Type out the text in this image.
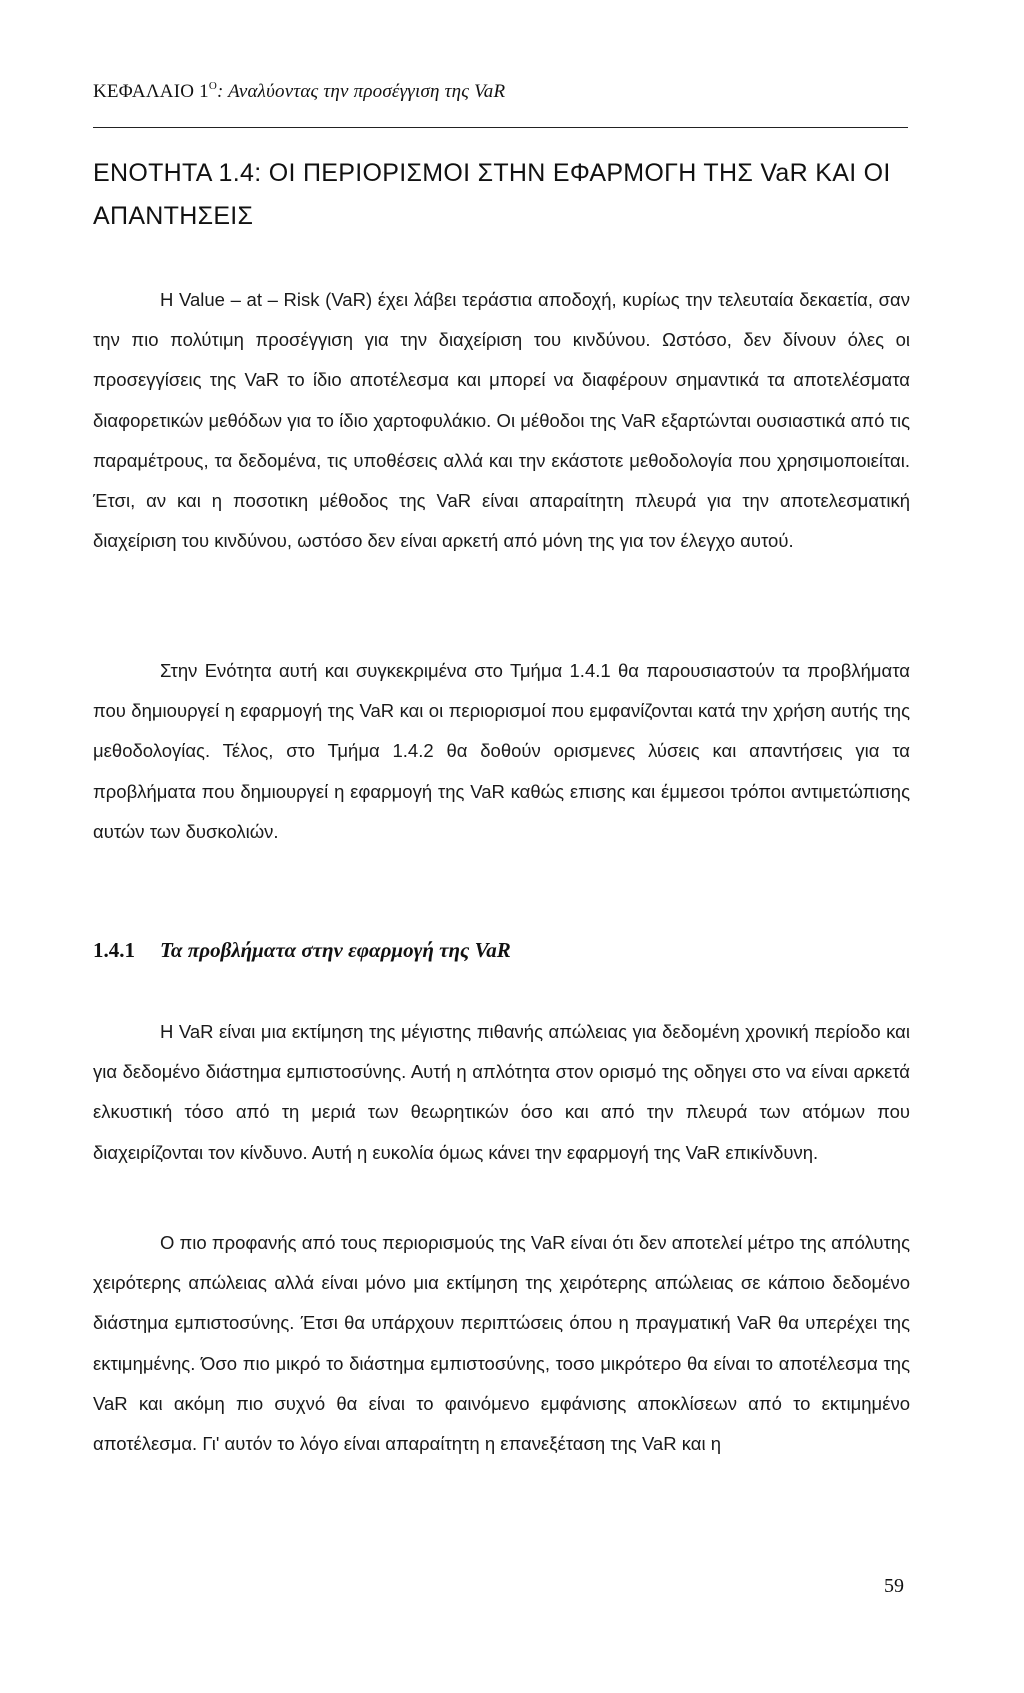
ΚΕΦΑΛΑΙΟ $1^O$: Αναλύοντας την προσέγγιση της VaR
ΕΝΟΤΗΤΑ 1.4: ΟΙ ΠΕΡΙΟΡΙΣΜΟΙ ΣΤΗΝ ΕΦΑΡΜΟΓΗ ΤΗΣ VaR ΚΑΙ ΟΙ ΑΠΑΝΤΗΣΕΙΣ

Η Value – at – Risk (VaR) έχει λάβει τεράστια αποδοχή, κυρίως την τελευταία δεκαετία, σαν την πιο πολύτιμη προσέγγιση για την διαχείριση του κινδύνου. Ωστόσο, δεν δίνουν όλες οι προσεγγίσεις της VaR το ίδιο αποτέλεσμα και μπορεί να διαφέρουν σημαντικά τα αποτελέσματα διαφορετικών μεθόδων για το ίδιο χαρτοφυλάκιο. Οι μέθοδοι της VaR εξαρτώνται ουσιαστικά από τις παραμέτρους, τα δεδομένα, τις υποθέσεις αλλά και την εκάστοτε μεθοδολογία που χρησιμοποιείται. Έτσι, αν και η ποσοτικη μέθοδος της VaR είναι απαραίτητη πλευρά για την αποτελεσματική διαχείριση του κινδύνου, ωστόσο δεν είναι αρκετή από μόνη της για τον έλεγχο αυτού.

Στην Ενότητα αυτή και συγκεκριμένα στο Τμήμα 1.4.1 θα παρουσιαστούν τα προβλήματα που δημιουργεί η εφαρμογή της VaR και οι περιορισμοί που εμφανίζονται κατά την χρήση αυτής της μεθοδολογίας. Τέλος, στο Τμήμα 1.4.2 θα δοθούν ορισμενες λύσεις και απαντήσεις για τα προβλήματα που δημιουργεί η εφαρμογή της VaR καθώς επισης και έμμεσοι τρόποι αντιμετώπισης αυτών των δυσκολιών.

1.4.1 Τα προβλήματα στην εφαρμογή της VaR

Η VaR είναι μια εκτίμηση της μέγιστης πιθανής απώλειας για δεδομένη χρονική περίοδο και για δεδομένο διάστημα εμπιστοσύνης. Αυτή η απλότητα στον ορισμό της οδηγει στο να είναι αρκετά ελκυστική τόσο από τη μεριά των θεωρητικών όσο και από την πλευρά των ατόμων που διαχειρίζονται τον κίνδυνο. Αυτή η ευκολία όμως κάνει την εφαρμογή της VaR επικίνδυνη.

Ο πιο προφανής από τους περιορισμούς της VaR είναι ότι δεν αποτελεί μέτρο της απόλυτης χειρότερης απώλειας αλλά είναι μόνο μια εκτίμηση της χειρότερης απώλειας σε κάποιο δεδομένο διάστημα εμπιστοσύνης. Έτσι θα υπάρχουν περιπτώσεις όπου η πραγματική VaR θα υπερέχει της εκτιμημένης. Όσο πιο μικρό το διάστημα εμπιστοσύνης, τοσο μικρότερο θα είναι το αποτέλεσμα της VaR και ακόμη πιο συχνό θα είναι το φαινόμενο εμφάνισης αποκλίσεων από το εκτιμημένο αποτέλεσμα. Γι' αυτόν το λόγο είναι απαραίτητη η επανεξέταση της VaR και η

59
